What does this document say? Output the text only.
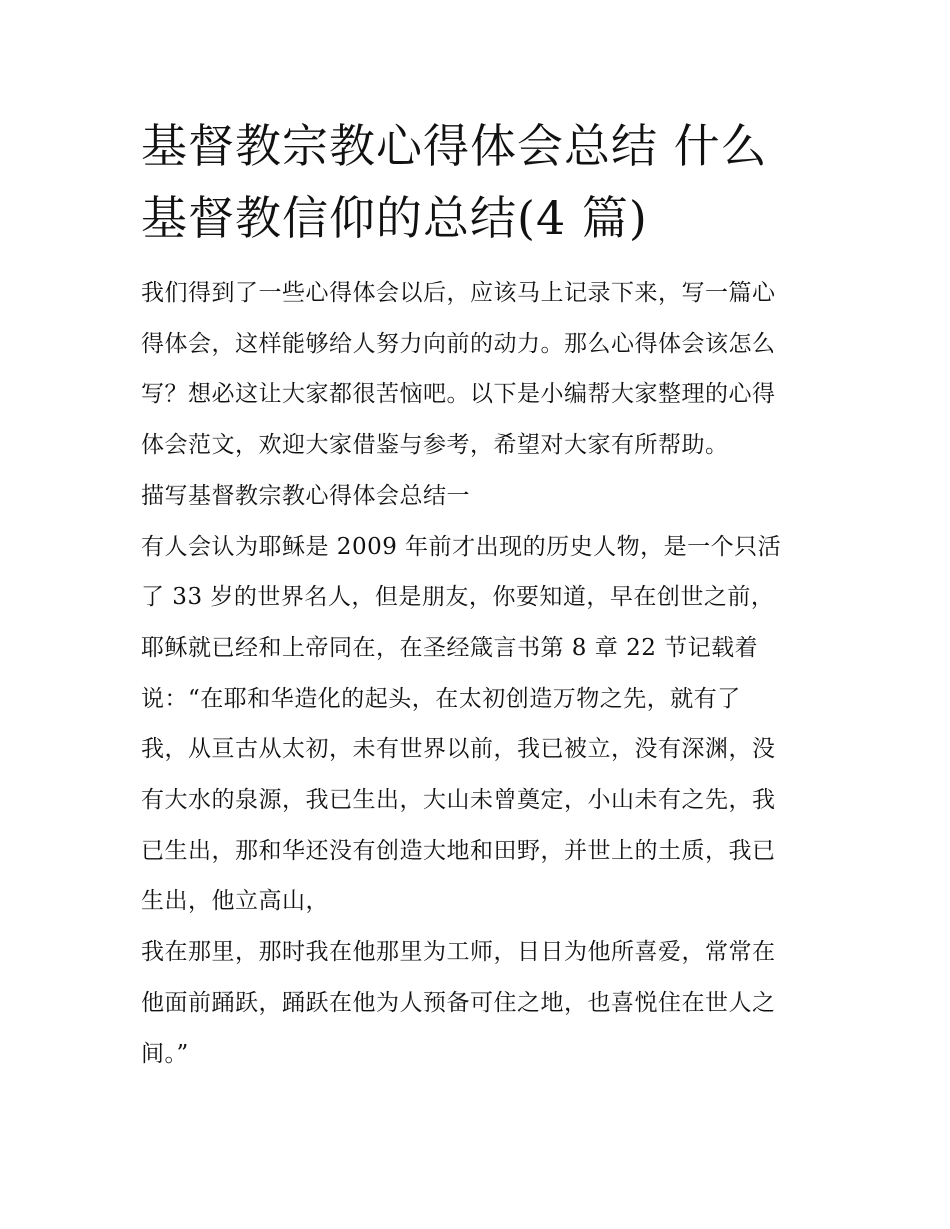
基督教宗教心得体会总结 什么
基督教信仰的总结(4 篇)
我们得到了一些心得体会以后，应该马上记录下来，写一篇心
得体会，这样能够给人努力向前的动力。那么心得体会该怎么
写？想必这让大家都很苦恼吧。以下是小编帮大家整理的心得
体会范文，欢迎大家借鉴与参考，希望对大家有所帮助。
描写基督教宗教心得体会总结一
有人会认为耶稣是 2009 年前才出现的历史人物，是一个只活
了 33 岁的世界名人，但是朋友，你要知道，早在创世之前，
耶稣就已经和上帝同在，在圣经箴言书第 8 章 22 节记载着
说：“在耶和华造化的起头，在太初创造万物之先，就有了
我，从亘古从太初，未有世界以前，我已被立，没有深渊，没
有大水的泉源，我已生出，大山未曾奠定，小山未有之先，我
已生出，那和华还没有创造大地和田野，并世上的土质，我已
生出，他立高山，
我在那里，那时我在他那里为工师，日日为他所喜爱，常常在
他面前踊跃，踊跃在他为人预备可住之地，也喜悦住在世人之
间。”
